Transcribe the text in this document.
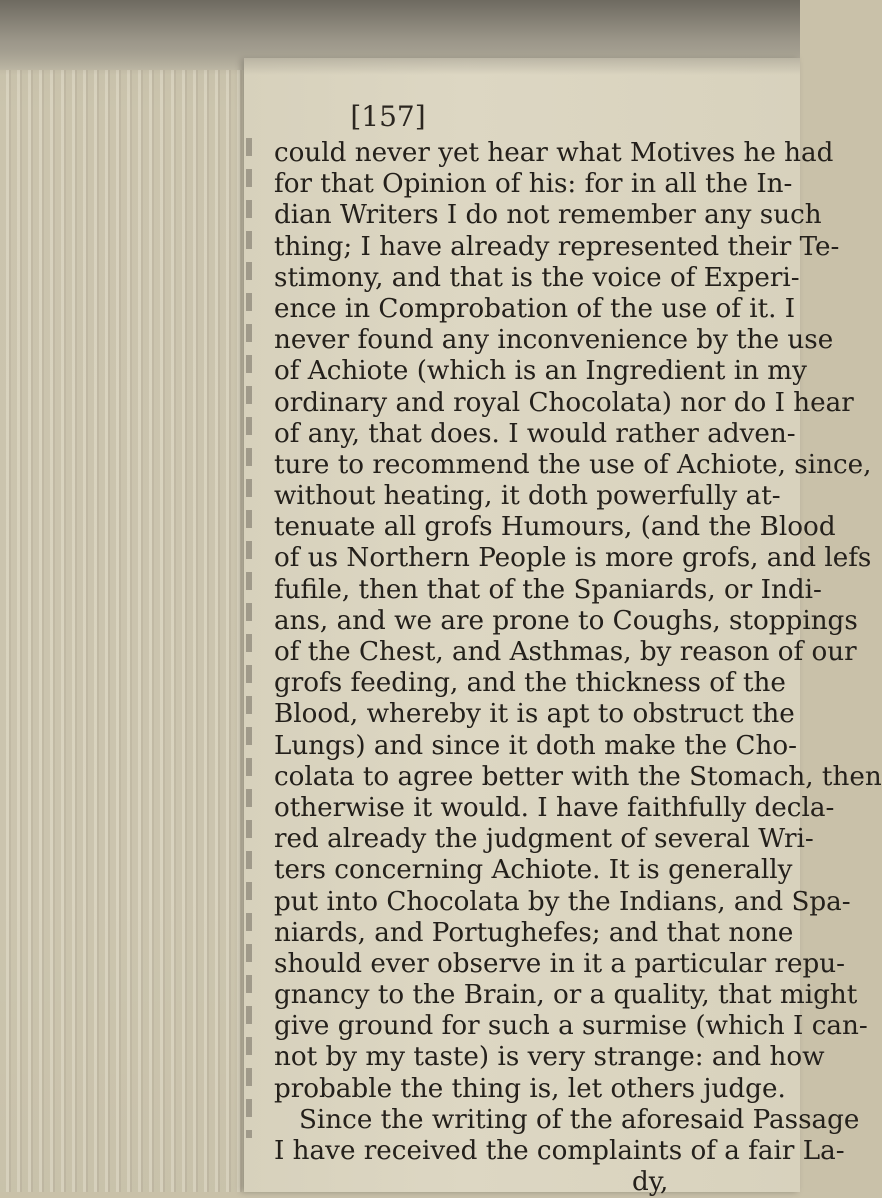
[157]
could never yet hear what Motives he had
for that Opinion of his: for in all the In-
dian Writers I do not remember any such
thing; I have already represented their Te-
stimony, and that is the voice of Experi-
ence in Comprobation of the use of it. I
never found any inconvenience by the use
of Achiote (which is an Ingredient in my
ordinary and royal Chocolata) nor do I hear
of any, that does. I would rather adven-
ture to recommend the use of Achiote, since,
without heating, it doth powerfully at-
tenuate all grofs Humours, (and the Blood
of us Northern People is more grofs, and lefs
fufile, then that of the Spaniards, or Indi-
ans, and we are prone to Coughs, stoppings
of the Chest, and Asthmas, by reason of our
grofs feeding, and the thickness of the
Blood, whereby it is apt to obstruct the
Lungs) and since it doth make the Cho-
colata to agree better with the Stomach, then
otherwise it would. I have faithfully decla-
red already the judgment of several Wri-
ters concerning Achiote. It is generally
put into Chocolata by the Indians, and Spa-
niards, and Portughefes; and that none
should ever observe in it a particular repu-
gnancy to the Brain, or a quality, that might
give ground for such a surmise (which I can-
not by my taste) is very strange: and how
probable the thing is, let others judge.
Since the writing of the aforesaid Passage
I have received the complaints of a fair La-
dy,
